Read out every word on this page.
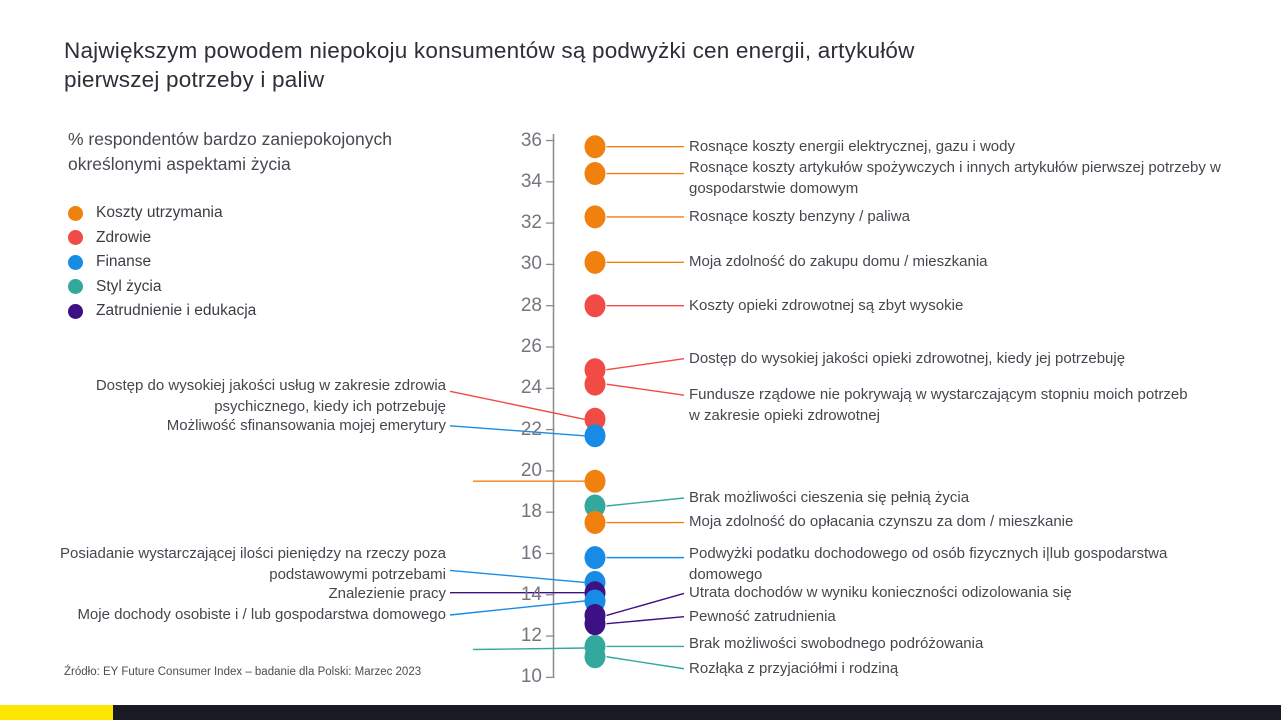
Największym powodem niepokoju konsumentów są podwyżki cen energii, artykułów pierwszej potrzeby i paliw
% respondentów bardzo zaniepokojonych określonymi aspektami życia
Koszty utrzymania
Zdrowie
Finanse
Styl życia
Zatrudnienie i edukacja
10
12
14
16
18
20
22
24
26
28
30
32
34
36	Rosnące koszty energii elektrycznej, gazu i wody
Rosnące koszty artykułów spożywczych i innych artykułów pierwszej potrzeby w gospodarstwie domowym
Rosnące koszty benzyny / paliwa
Moja zdolność do zakupu domu / mieszkania
Koszty opieki zdrowotnej są zbyt wysokie
Dostęp do wysokiej jakości opieki zdrowotnej, kiedy jej potrzebuję
Fundusze rządowe nie pokrywają w wystarczającym stopniu moich potrzeb w zakresie opieki zdrowotnej
Dostęp do wysokiej jakości usług w zakresie zdrowia psychicznego, kiedy ich potrzebuję
Możliwość sfinansowania mojej emerytury
Brak możliwości cieszenia się pełnią życia
Moja zdolność do opłacania czynszu za dom / mieszkanie
Podwyżki podatku dochodowego od osób fizycznych i|lub gospodarstwa domowego
Posiadanie wystarczającej ilości pieniędzy na rzeczy poza podstawowymi potrzebami
Znalezienie pracy
Moje dochody osobiste i / lub gospodarstwa domowego
Utrata dochodów w wyniku konieczności odizolowania się
Pewność zatrudnienia
Brak możliwości swobodnego podróżowania
Rozłąka z przyjaciółmi i rodziną
Źródło: EY Future Consumer Index – badanie dla Polski: Marzec 2023
